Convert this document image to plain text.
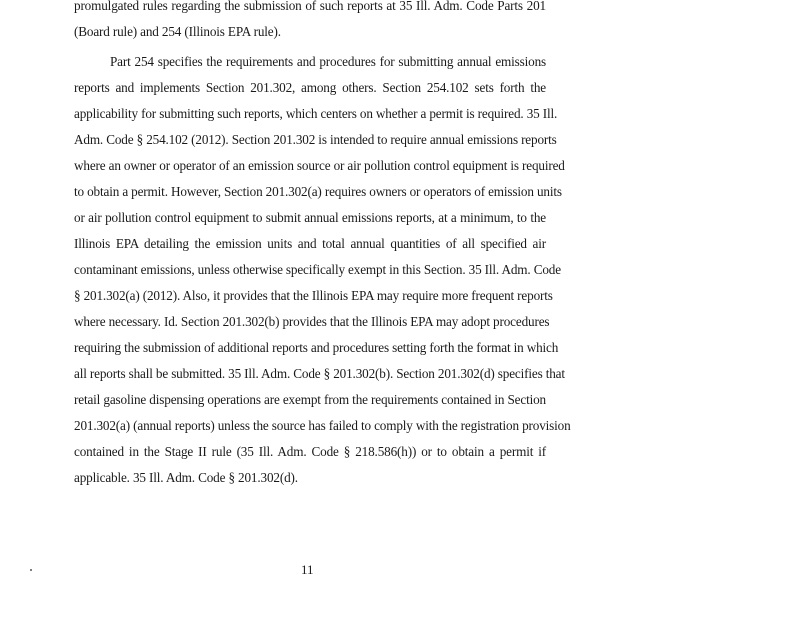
promulgated rules regarding the submission of such reports at 35 Ill. Adm. Code Parts 201

(Board rule) and 254 (Illinois EPA rule).

Part 254 specifies the requirements and procedures for submitting annual emissions

reports and implements Section 201.302, among others. Section 254.102 sets forth the

applicability for submitting such reports, which centers on whether a permit is required. 35 Ill.

Adm. Code § 254.102 (2012). Section 201.302 is intended to require annual emissions reports

where an owner or operator of an emission source or air pollution control equipment is required

to obtain a permit. However, Section 201.302(a) requires owners or operators of emission units

or air pollution control equipment to submit annual emissions reports, at a minimum, to the

Illinois EPA detailing the emission units and total annual quantities of all specified air

contaminant emissions, unless otherwise specifically exempt in this Section. 35 Ill. Adm. Code

§ 201.302(a) (2012). Also, it provides that the Illinois EPA may require more frequent reports

where necessary. Id. Section 201.302(b) provides that the Illinois EPA may adopt procedures

requiring the submission of additional reports and procedures setting forth the format in which

all reports shall be submitted. 35 Ill. Adm. Code § 201.302(b). Section 201.302(d) specifies that

retail gasoline dispensing operations are exempt from the requirements contained in Section

201.302(a) (annual reports) unless the source has failed to comply with the registration provision

contained in the Stage II rule (35 Ill. Adm. Code § 218.586(h)) or to obtain a permit if

applicable. 35 Ill. Adm. Code § 201.302(d).

11
